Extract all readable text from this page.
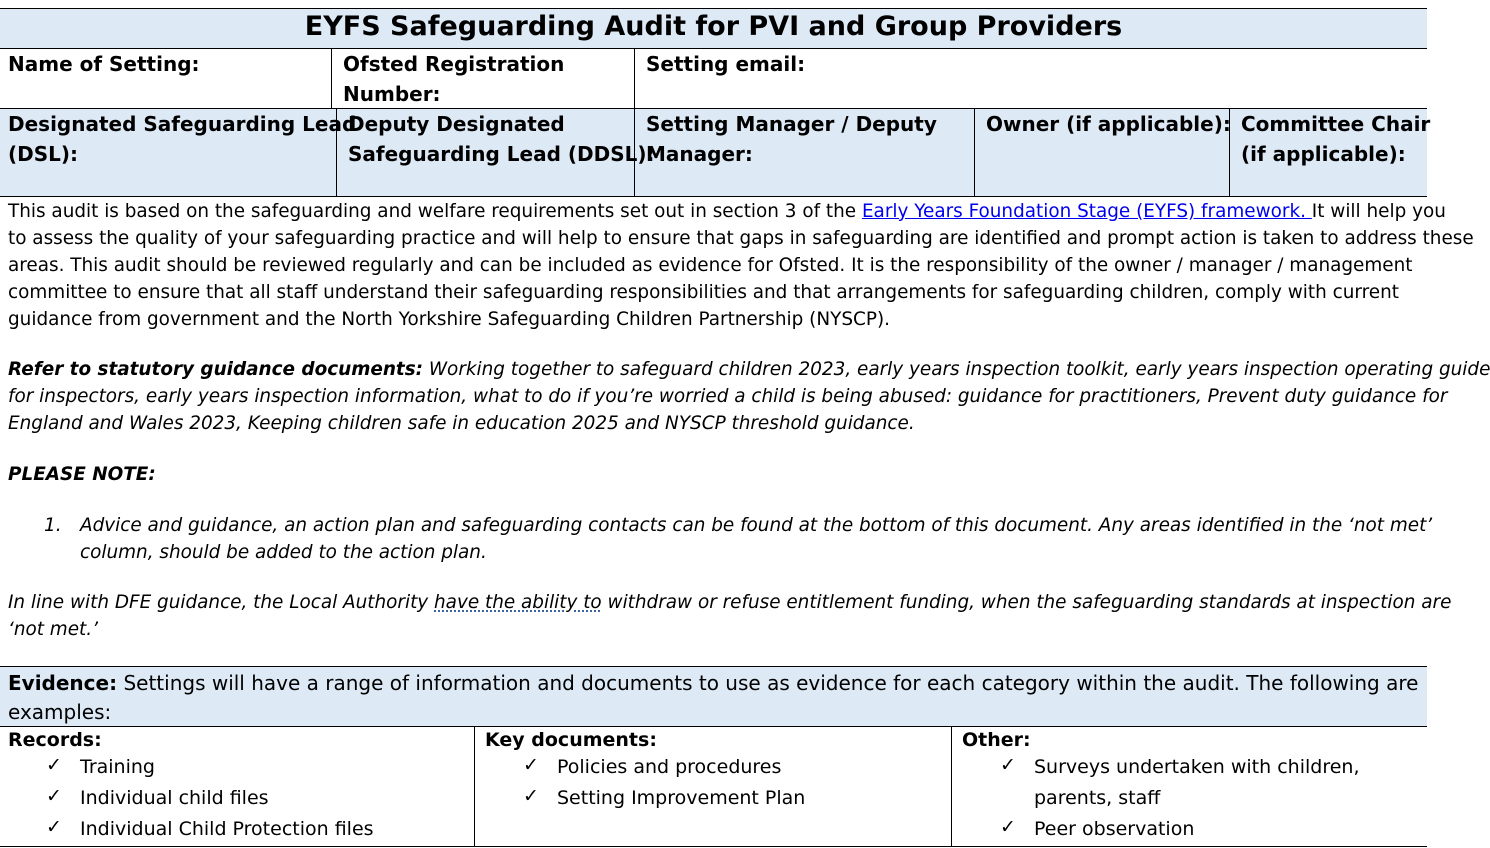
EYFS Safeguarding Audit for PVI and Group Providers
Name of Setting:	Ofsted Registration
Number:
Setting email:
Designated Safeguarding Lead
(DSL):
Deputy Designated
Safeguarding Lead (DDSL):
Setting Manager / Deputy
Manager:
Owner (if applicable): Committee Chair
(if applicable):
This audit is based on the safeguarding and welfare requirements set out in section 3 of the Early Years Foundation Stage (EYFS) framework. It will help you
to assess the quality of your safeguarding practice and will help to ensure that gaps in safeguarding are identified and prompt action is taken to address these
areas. This audit should be reviewed regularly and can be included as evidence for Ofsted. It is the responsibility of the owner / manager / management
committee to ensure that all staff understand their safeguarding responsibilities and that arrangements for safeguarding children, comply with current
guidance from government and the North Yorkshire Safeguarding Children Partnership (NYSCP).
Refer to statutory guidance documents: Working together to safeguard children 2023, early years inspection toolkit, early years inspection operating guide
for inspectors, early years inspection information, what to do if you’re worried a child is being abused: guidance for practitioners, Prevent duty guidance for
England and Wales 2023, Keeping children safe in education 2025 and NYSCP threshold guidance.
PLEASE NOTE:
1. Advice and guidance, an action plan and safeguarding contacts can be found at the bottom of this document. Any areas identified in the ‘not met’
column, should be added to the action plan.
In line with DFE guidance, the Local Authority have the ability to withdraw or refuse entitlement funding, when the safeguarding standards at inspection are
‘not met.’
Evidence: Settings will have a range of information and documents to use as evidence for each category within the audit. The following are
examples:
Records:
✓ Training
✓ Individual child files
✓ Individual Child Protection files
Key documents:
✓ Policies and procedures
✓ Setting Improvement Plan
Other:
✓ Surveys undertaken with children,
parents, staff
✓ Peer observation
